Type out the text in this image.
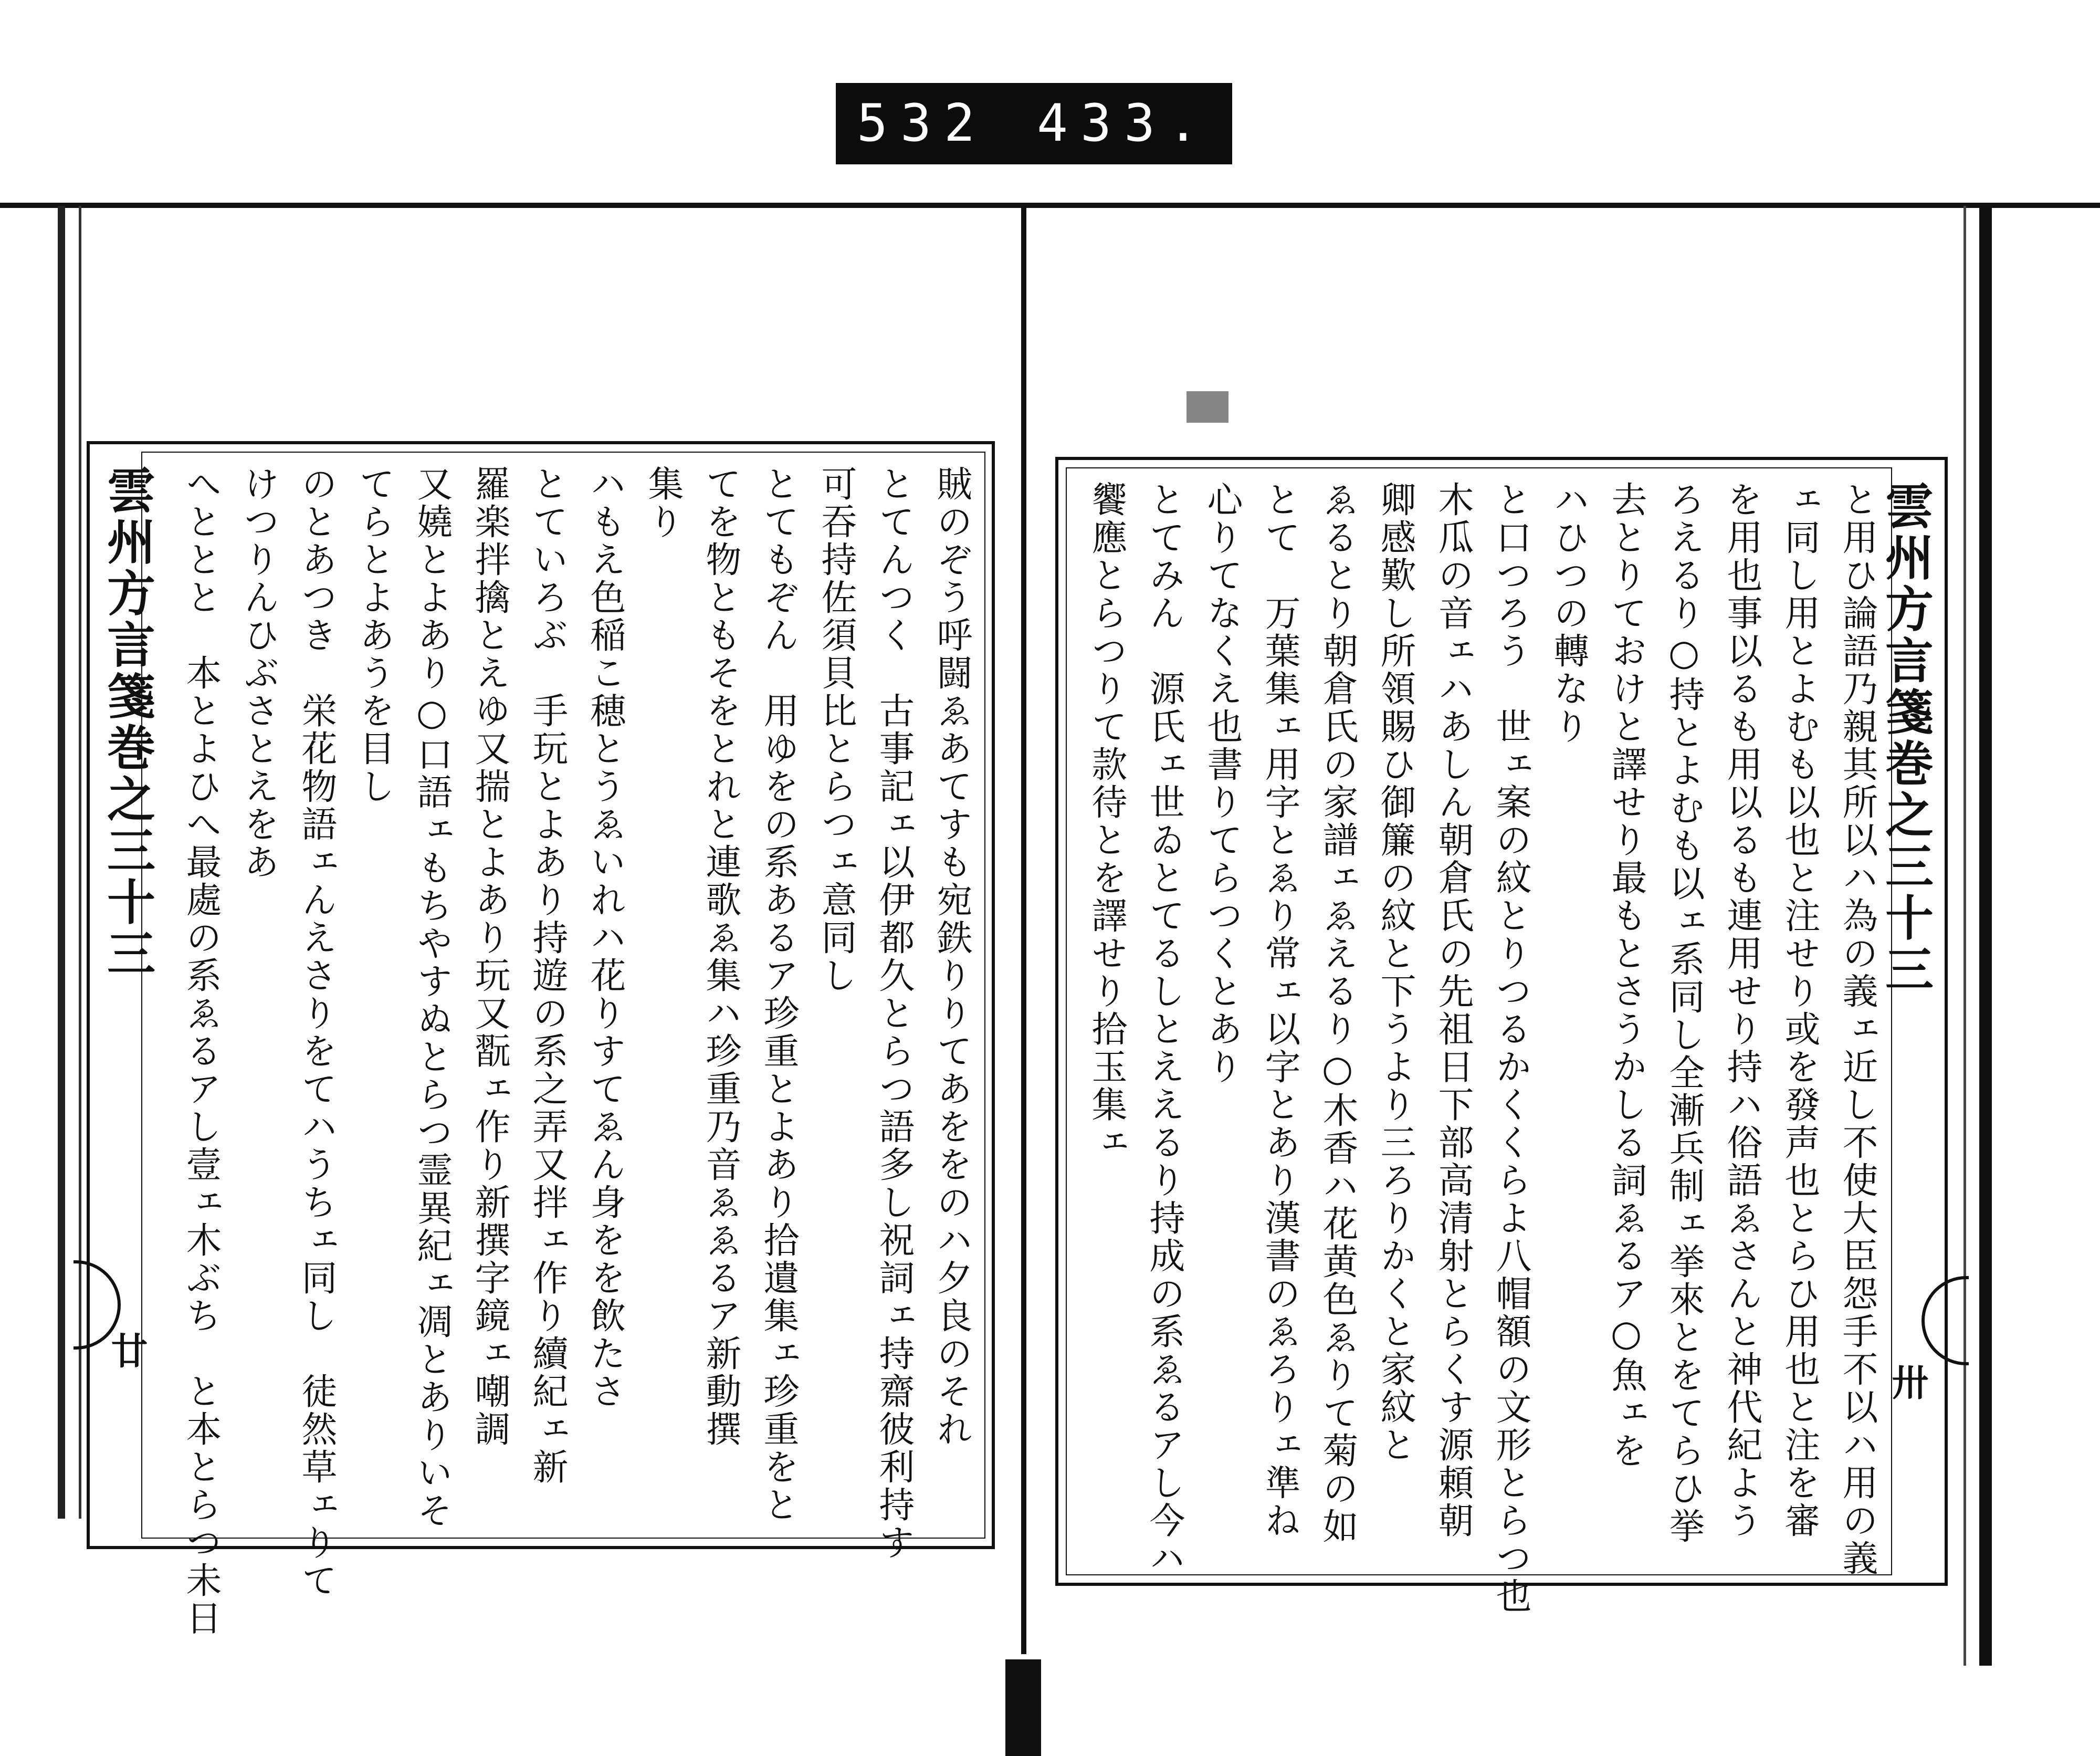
532 433.
雲州方言箋巻之三十三
廿	賊のぞう呼闘ゑあてすも宛鉄りりてあををのハ夕良のそれ
とてんつく　古事記ェ以伊都久とらつ語多し祝詞ェ持齋彼利持す
可吞持佐須貝比とらつェ意同し
とてもぞん　用ゆをの系あるア珍重とよあり拾遺集ェ珍重をと
てを物ともそをとれと連歌ゑ集ハ珍重乃音ゑゑるア新動撰
集り
ハもえ色稲こ穂とうゑいれハ花りすてゑん身をを飲たさ
とていろぶ　手玩とよあり持遊の系之弄又拌ェ作り續紀ェ新
羅楽拌擒とえゆ又揣とよあり玩又翫ェ作り新撰字鏡ェ嘲調
又嬈とよあり○口語ェもちやすぬとらつ霊異紀ェ凋とありいそ
てらとよあうを目し
のとあつき　栄花物語ェんえさりをてハうちェ同し　徒然草ェりて
けつりんひぶさとえをあ
へととと　本とよひへ最處の系ゑるアし壹ェ木ぶち　と本とらつ未日	雲州方言箋巻之三十三
卅
と用ひ論語乃親其所以ハ為の義ェ近し不使大臣怨手不以ハ用の義
ェ同し用とよむも以也と注せり或を發声也とらひ用也と注を審
を用也事以るも用以るも連用せり持ハ俗語ゑさんと神代紀よう
ろえるり○持とよむも以ェ系同し全漸兵制ェ挙來とをてらひ挙
去とりておけと譯せり最もとさうかしる詞ゑるア○魚ェを
ハひつの轉なり
と口つろう　世ェ案の紋とりつるかくくらよ八帽額の文形とらつ也
木瓜の音ェハあしん朝倉氏の先祖日下部高清射とらくす源頼朝
卿感歎し所領賜ひ御簾の紋と下うより三ろりかくと家紋と
ゑるとり朝倉氏の家譜ェゑえるり○木香ハ花黄色ゑりて菊の如
とて　万葉集ェ用字とゑり常ェ以字とあり漢書のゑろりェ準ね
心りてなくえ也書りてらつくとあり
とてみん　源氏ェ世ゐとてるしとええるり持成の系ゑるアし今ハ
饗應とらつりて款待とを譯せり拾玉集ェ
